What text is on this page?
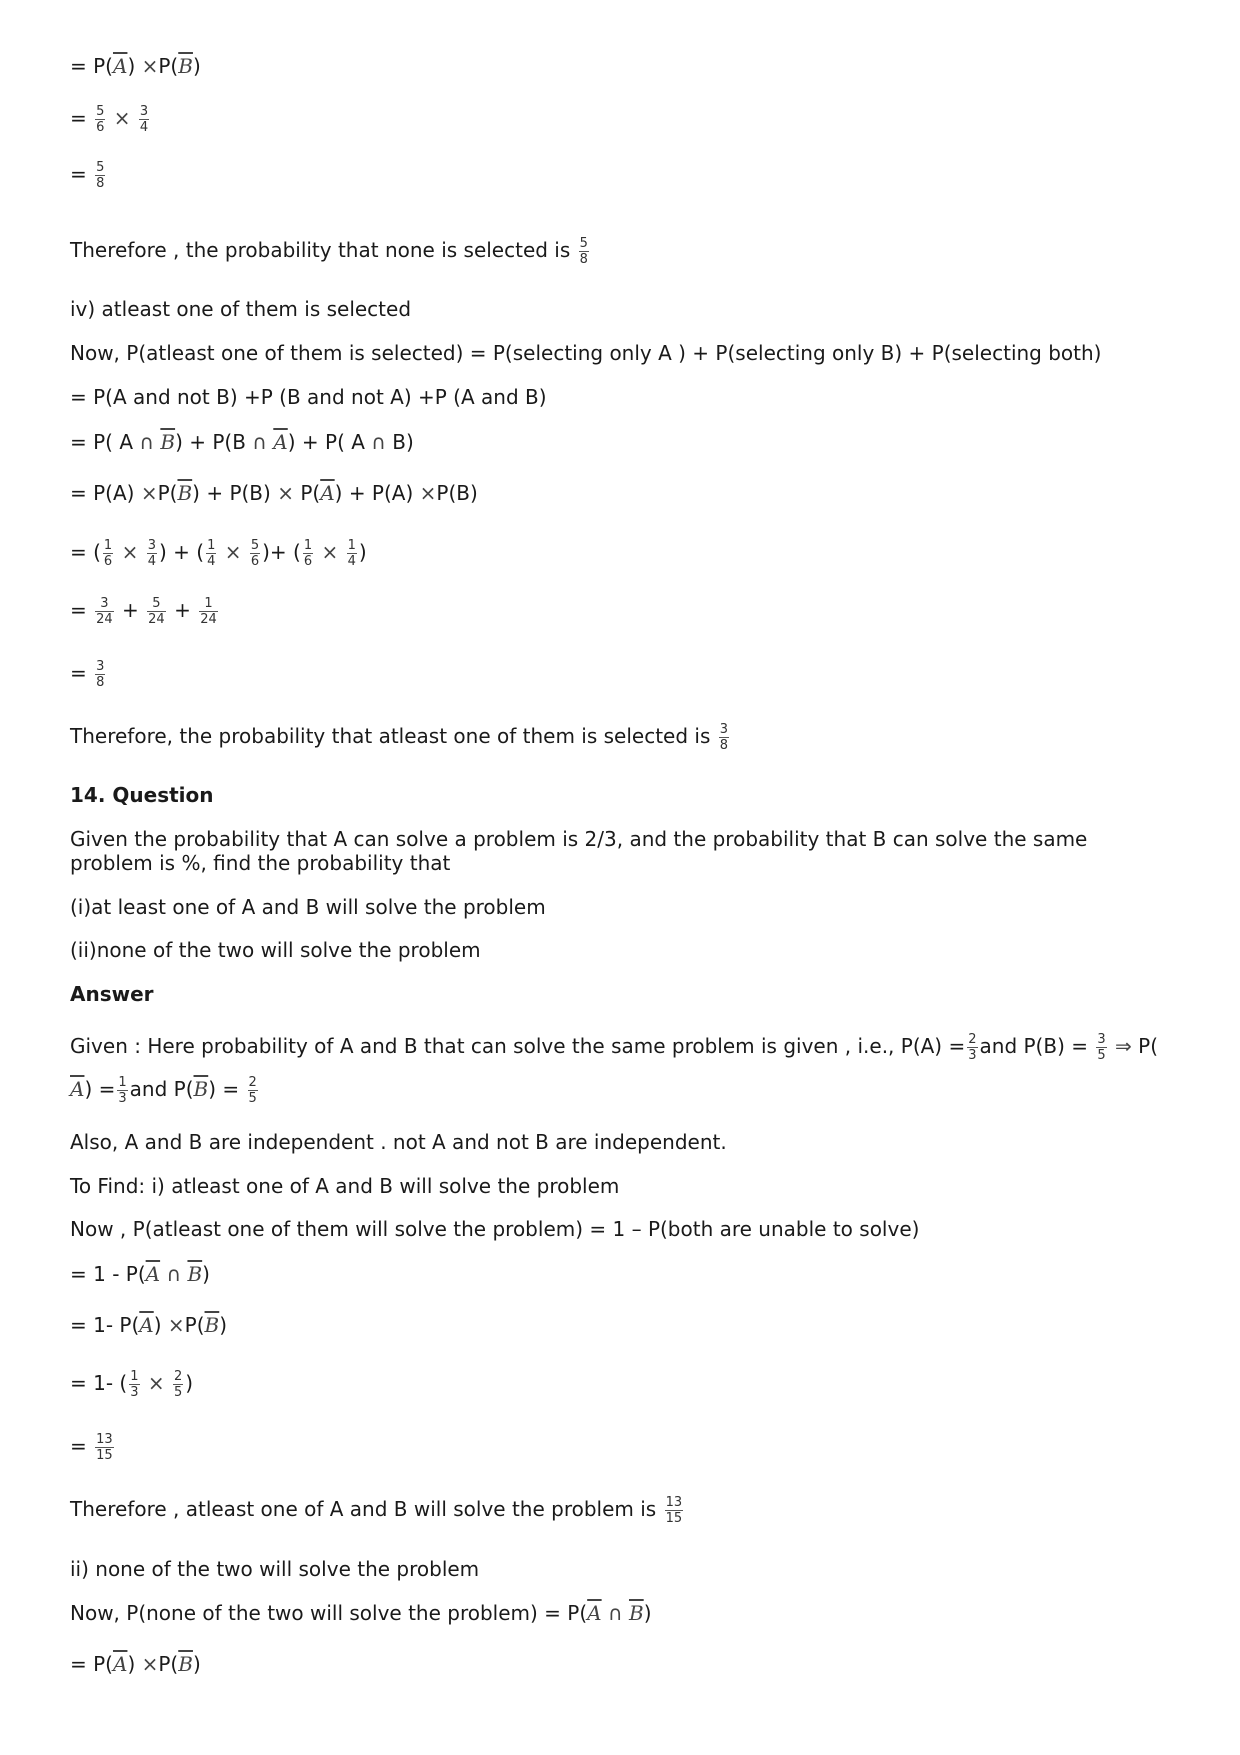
= $P(\overline{A}) \times P(\overline{B})$
= $\frac{5}{6} \times \frac{3}{4}$
= $\frac{5}{8}$
Therefore , the probability that none is selected is $\frac{5}{8}$
iv) atleast one of them is selected
Now, P(atleast one of them is selected) = P(selecting only A ) + P(selecting only B) + P(selecting both)
= P(A and not B) +P (B and not A) +P (A and B)
= P( A ∩ $\overline{B}) + P(B$ ∩ $\overline{A}) + P$( A ∩ B)
= $P(A) \times P(\overline{B}) + P(B) \times P(\overline{A}) + P(A) \times P(B)$
= ( $\frac{1}{6} \times \frac{3}{4}$ ) + ( $\frac{1}{4} \times \frac{5}{6}$ )+ ( $\frac{1}{6} \times \frac{1}{4}$ )
= $\frac{3}{24} + \frac{5}{24} + \frac{1}{24}$
= $\frac{3}{8}$
Therefore, the probability that atleast one of them is selected is $\frac{3}{8}$
14. Question
Given the probability that A can solve a problem is 2/3, and the probability that B can solve the same problem is %, find the probability that
(i)at least one of A and B will solve the problem
(ii)none of the two will solve the problem
Answer
Given : Here probability of A and B that can solve the same problem is given , i.e., $P(A) = \frac{2}{3}$ and $P(B) = \frac{3}{5}$ ⇒ P(
$\overline{A}) = \frac{1}{3}$ and $P(\overline{B}) = \frac{2}{5}$
Also, A and B are independent . not A and not B are independent.
To Find: i) atleast one of A and B will solve the problem
Now , P(atleast one of them will solve the problem) = 1 – P(both are unable to solve)
= $1 - P(\overline{A}$ ∩ $\overline{B}$)
= 1- $P(\overline{A}) \times P(\overline{B})$
= 1- ( $\frac{1}{3} \times \frac{2}{5}$ )
= $\frac{13}{15}$
Therefore , atleast one of A and B will solve the problem is $\frac{13}{15}$
ii) none of the two will solve the problem
Now, P(none of the two will solve the problem) = $P(\overline{A}$ ∩ $\overline{B}$)
= $P(\overline{A}) \times P(\overline{B})$
